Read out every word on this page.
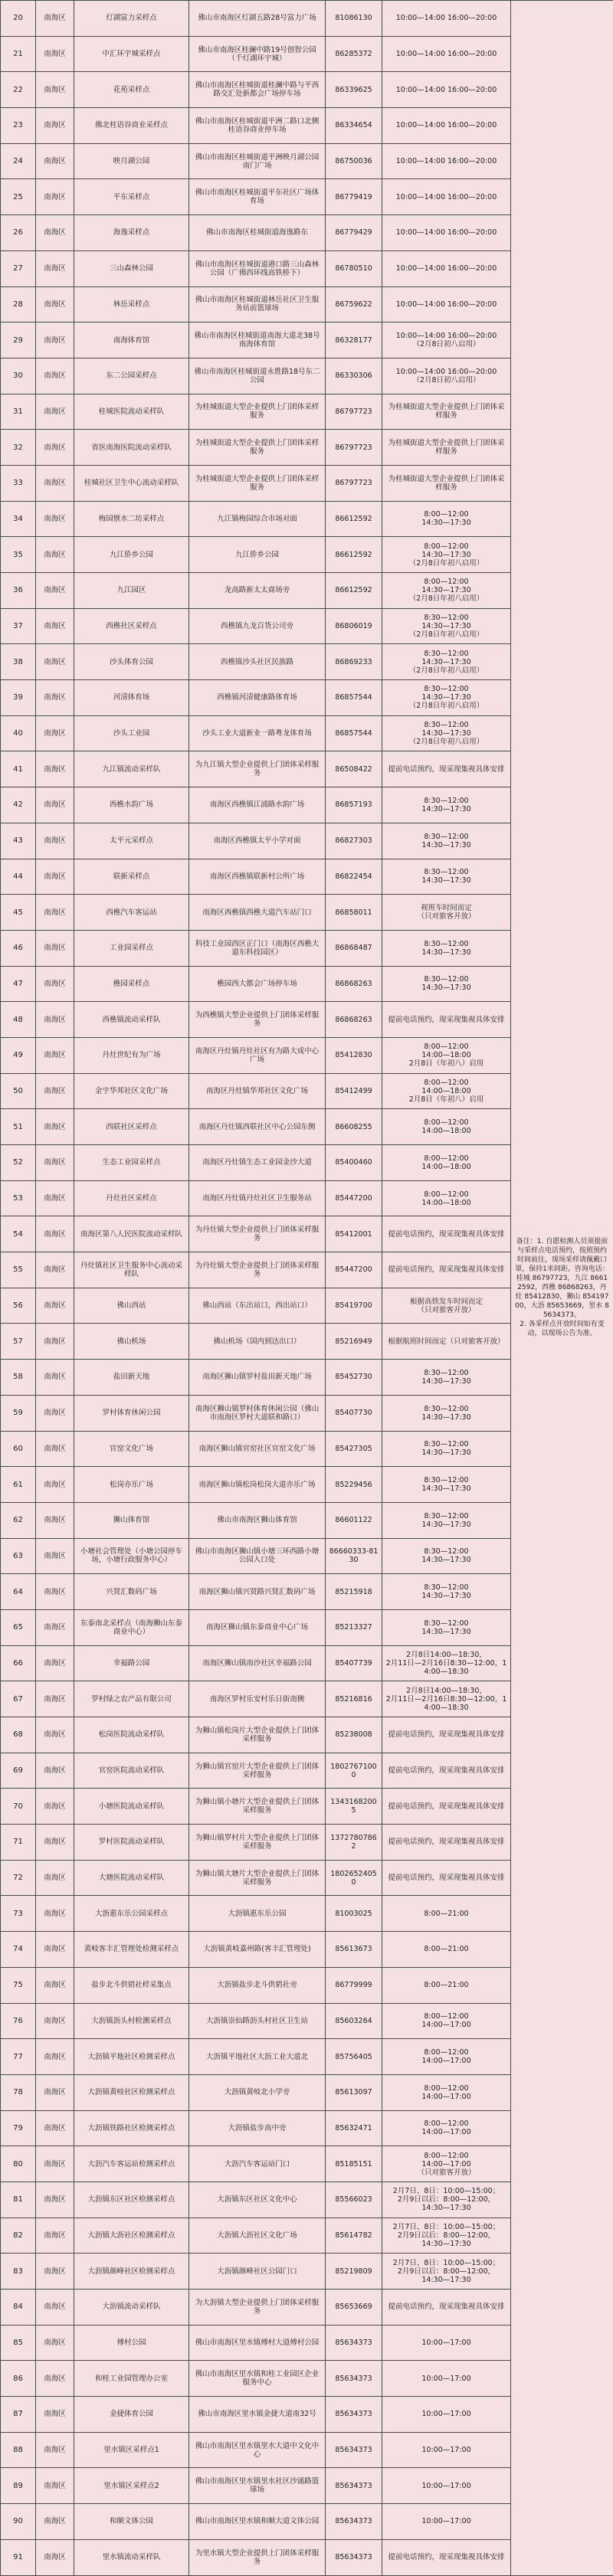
20	南海区	灯湖富力采样点	佛山市南海区灯湖五路28号富力广场	81086130	10:00—14:00 16:00—20:00	备注：1. 自愿检测人员须提前与采样点电话预约，按照预约时间前往，现场采样请佩戴口罩，保持1米间距。咨询电话：桂城 86797723，九江 86612592，西樵 86868263，丹灶 85412830，狮山 85419700，大沥 85653669，里水 85634373。
2. 各采样点开放时间如有变动，以现场公告为准。
21	南海区	中汇环宇城采样点	佛山市南海区桂澜中路19号创智公园（千灯湖环宇城）	86285372	10:00—14:00 16:00—20:00	
22	南海区	花苑采样点	佛山市南海区桂城街道桂澜中路与平西路交汇处新都会广场停车场	86339625	10:00—14:00 16:00—20:00	
23	南海区	佛北桂语谷商业采样点	佛山市南海区桂城街道平洲二路口北侧桂语谷商业停车场	86334654	10:00—14:00 16:00—20:00	
24	南海区	映月湖公园	佛山市南海区桂城街道平洲映月湖公园南门广场	86750036	10:00—14:00 16:00—20:00	
25	南海区	平东采样点	佛山市南海区桂城街道平东社区广场体育场	86779419	10:00—14:00 16:00—20:00	
26	南海区	海逸采样点	佛山市南海区桂城街道海逸路东	86779429	10:00—14:00 16:00—20:00	
27	南海区	三山森林公园	佛山市南海区桂城街道港口路三山森林公园（广佛西环线高铁桥下）	86780510	10:00—14:00 16:00—20:00	
28	南海区	林岳采样点	佛山市南海区桂城街道林岳社区卫生服务站前篮球场	86759622	10:00—14:00 16:00—20:00	
29	南海区	南海体育馆	佛山市南海区桂城街道南海大道北38号南海体育馆	86328177	10:00—14:00 16:00—20:00
（2月8日初八启用）	
30	南海区	东二公园采样点	佛山市南海区桂城街道永胜路18号东二公园	86330306	10:00—14:00 16:00—20:00
（2月8日初八启用）	
31	南海区	桂城医院流动采样队	为桂城街道大型企业提供上门团体采样服务	86797723	为桂城街道大型企业提供上门团体采样服务	
32	南海区	省医南海医院流动采样队	为桂城街道大型企业提供上门团体采样服务	86797723	为桂城街道大型企业提供上门团体采样服务	
33	南海区	桂城社区卫生中心流动采样队	为桂城街道大型企业提供上门团体采样服务	86797723	为桂城街道大型企业提供上门团体采样服务	
34	南海区	梅园惬水二坊采样点	九江镇梅园综合市场对面	86612592	8:00—12:00
14:30—17:30	
35	南海区	九江侨乡公园	九江侨乡公园	86612592	8:00—12:00
14:30—17:30
（2月8日年初八启用）	
36	南海区	九江园区	龙高路新太太商场旁	86612592	8:00—12:00
14:30—17:30
（2月8日年初八启用）	
37	南海区	西樵社区采样点	西樵镇九龙百货公司旁	86806019	8:30—12:00
14:30—17:30
（2月8日年初八启用）	
38	南海区	沙头体育公园	西樵镇沙头社区民族路	86869233	8:30—12:00
14:30—17:30
（2月8日年初八启用）	
39	南海区	河清体育场	西樵镇河清健康路体育场	86857544	8:30—12:00
14:30—17:30
（2月8日年初八启用）	
40	南海区	沙头工业园	沙头工业大道新业一路粤龙体育场	86857544	8:30—12:00
14:30—17:30
（2月8日年初八启用）	
41	南海区	九江镇流动采样队	为九江镇大型企业提供上门团体采样服务	86508422	提前电话预约，现采现集视具体安排	
42	南海区	西樵水韵广场	南海区西樵镇江浦路水韵广场	86857193	8:30—12:00
14:30—17:30	
43	南海区	太平元采样点	南海区西樵镇太平小学对面	86827303	8:30—12:00
14:30—17:30	
44	南海区	联新采样点	南海区西樵镇联新村公所广场	86822454	8:30—12:00
14:30—17:30	
45	南海区	西樵汽车客运站	南海区西樵镇西樵大道汽车站门口	86858011	视班车时间而定
（只对旅客开放）	
46	南海区	工业园采样点	科技工业园西区正门口（南海区西樵大道东科技园区）	86868487	8:30—12:00
14:30—17:30	
47	南海区	樵园采样点	樵园西大都会广场停车场	86868263	8:30—12:00
14:30—17:30	
48	南海区	西樵镇流动采样队	为西樵镇大型企业提供上门团体采样服务	86868263	提前电话预约，现采现集视具体安排	
49	南海区	丹灶世纪有为广场	南海区丹灶镇丹灶社区有为路大成中心广场	85412830	8:00—12:00
14:00—18:00
2月8日（年初八）启用	
50	南海区	金宇华邦社区文化广场	南海区丹灶镇华邦社区文化广场	85412499	8:00—12:00
14:00—18:00
2月8日（年初八）启用	
51	南海区	西联社区采样点	南海区丹灶镇西联社区中心公园东侧	86608255	8:00—12:00
14:00—18:00	
52	南海区	生态工业园采样点	南海区丹灶镇生态工业园金沙大道	85400460	8:00—12:00
14:00—18:00	
53	南海区	丹灶社区采样点	南海区丹灶镇丹灶社区卫生服务站	85447200	8:00—12:00
14:00—18:00	
54	南海区	南海区第八人民医院流动采样队	为丹灶镇大型企业提供上门团体采样服务	85412001	提前电话预约，现采现集视具体安排	
55	南海区	丹灶镇社区卫生服务中心流动采样队	为丹灶镇大型企业提供上门团体采样服务	85447200	提前电话预约，现采现集视具体安排	
56	南海区	佛山西站	佛山西站（东出站口，西出站口）	85419700	根据高铁发车时间而定
（只对旅客开放）	
57	南海区	佛山机场	佛山机场（国内到达出口）	85216949	根据航班时间而定（只对旅客开放）	
58	南海区	盐田新天地	南海区狮山镇罗村盐田新天地广场	85452730	8:30—12:00
14:30—17:30	
59	南海区	罗村体育休闲公园	南海区狮山镇罗村体育休闲公园（佛山市南海区罗村大道联和路口）	85407730	8:30—12:00
14:30—17:30	
60	南海区	官窑文化广场	南海区狮山镇官窑社区官窑文化广场	85427305	8:30—12:00
14:30—17:30	
61	南海区	松岗亦乐广场	南海区狮山镇松岗松岗大道亦乐广场	85229456	8:30—12:00
14:30—17:30	
62	南海区	狮山体育馆	佛山市南海区狮山体育馆	86601122	8:30—12:00
14:30—17:30	
63	南海区	小塘社会管理处（小塘公园停车场，小塘行政服务中心）	佛山市南海区狮山镇小塘三环西路小塘公园入口处	86660333-8130	8:30—12:00
14:30—17:30	
64	南海区	兴贤汇数码广场	南海区狮山镇兴贤路兴贤汇数码广场	85215918	8:30—12:00
14:30—17:30	
65	南海区	东泰南北采样点（南海狮山东泰商业中心）	南海区狮山镇东泰商业中心广场	85213327	8:30—12:00
14:30—17:30	
66	南海区	幸福路公园	南海区狮山镇南沙社区幸福路公园	85407739	2月8日14:00—18:30，
2月11日—2月16日8:30—12:00，14:00—18:30	
67	南海区	罗村绿之农产品有限公司	南海区罗村乐安村乐日街南侧	85216816	2月8日14:00—18:30，
2月11日—2月16日8:30—12:00，14:00—18:30	
68	南海区	松岗医院流动采样队	为狮山镇松岗片大型企业提供上门团体采样服务	85238008	提前电话预约，现采现集视具体安排	
69	南海区	官窑医院流动采样队	为狮山镇官窑片大型企业提供上门团体采样服务	18027671000	提前电话预约，现采现集视具体安排	
70	南海区	小塘医院流动采样队	为狮山镇小塘片大型企业提供上门团体采样服务	13431682005	提前电话预约，现采现集视具体安排	
71	南海区	罗村医院流动采样队	为狮山镇罗村片大型企业提供上门团体采样服务	13727807862	提前电话预约，现采现集视具体安排	
72	南海区	大塘医院流动采样队	为狮山镇大塘片大型企业提供上门团体采样服务	18026524050	提前电话预约，现采现集视具体安排	
73	南海区	大沥惠东乐公园采样点	大沥镇惠东乐公园	81003025	8:00—21:00	
74	南海区	黄岐客丰汇管理处检测采样点	大沥镇黄岐嘉州路(客丰汇管理处)	85613673	8:00—21:00	
75	南海区	盐步北斗供销社样采集点	大沥镇盐步北斗供销社旁	86779999	8:00—21:00	
76	南海区	大沥镇沥头村检测采样点	大沥镇崇仙路沥头村社区卫生站	85603264	8:00—12:00
14:00—17:00	
77	南海区	大沥镇平地社区检测采样点	大沥镇平地社区大沥工业大道北	85756405	8:00—12:00
14:00—17:00	
78	南海区	大沥镇黄岐社区检测采样点	大沥镇黄岐北小学旁	85613097	8:00—12:00
14:00—17:00	
79	南海区	大沥镇铁路社区检测采样点	大沥镇盐步高中旁	85632471	8:00—12:00
14:00—17:00	
80	南海区	大沥汽车客运站检测采样点	大沥汽车客运站门口	85185151	8:00—12:00
14:00—17:00
（只对旅客开放）	
81	南海区	大沥镇东区社区检测采样点	大沥镇东区社区文化中心	85566023	2月7日、8日：10:00—15:00；
2月9日以后：8:00—12:00，
14:30—17:30	
82	南海区	大沥镇大沥社区检测采样点	大沥镇大沥社区文化广场	85614782	2月7日、8日：10:00—15:00；
2月9日以后：8:00—12:00，
14:30—17:30	
83	南海区	大沥镇颜峰社区检测采样点	大沥镇颜峰社区公园门口	85219809	2月7日、8日：10:00—15:00；
2月9日以后：8:00—12:00，
14:30—17:30	
84	南海区	大沥镇流动采样队	为大沥镇大型企业提供上门团体采样服务	85653669	提前电话预约，现采现集视具体安排	
85	南海区	傅村公园	佛山市南海区里水镇傅村大道傅村公园	85634373	10:00—17:00	
86	南海区	和桂工业园管理办公室	佛山市南海区里水镇和桂工业园区企业服务中心	85634373	10:00—17:00	
87	南海区	金捷体育公园	佛山市南海区里水镇金捷大道南32号	85634373	10:00—17:00	
88	南海区	里水镇区采样点1	佛山市南海区里水镇里水大道中文化中心	85634373	10:00—17:00	
89	南海区	里水镇区采样点2	佛山市南海区里水镇里水社区沙涌路篮球场	85634373	10:00—17:00	
90	南海区	和顺文体公园	佛山市南海区里水镇和顺大道文体公园	85634373	10:00—17:00	
91	南海区	里水镇流动采样队	为里水镇大型企业提供上门团体采样服务	85634373	提前电话预约，现采现集视具体安排	
